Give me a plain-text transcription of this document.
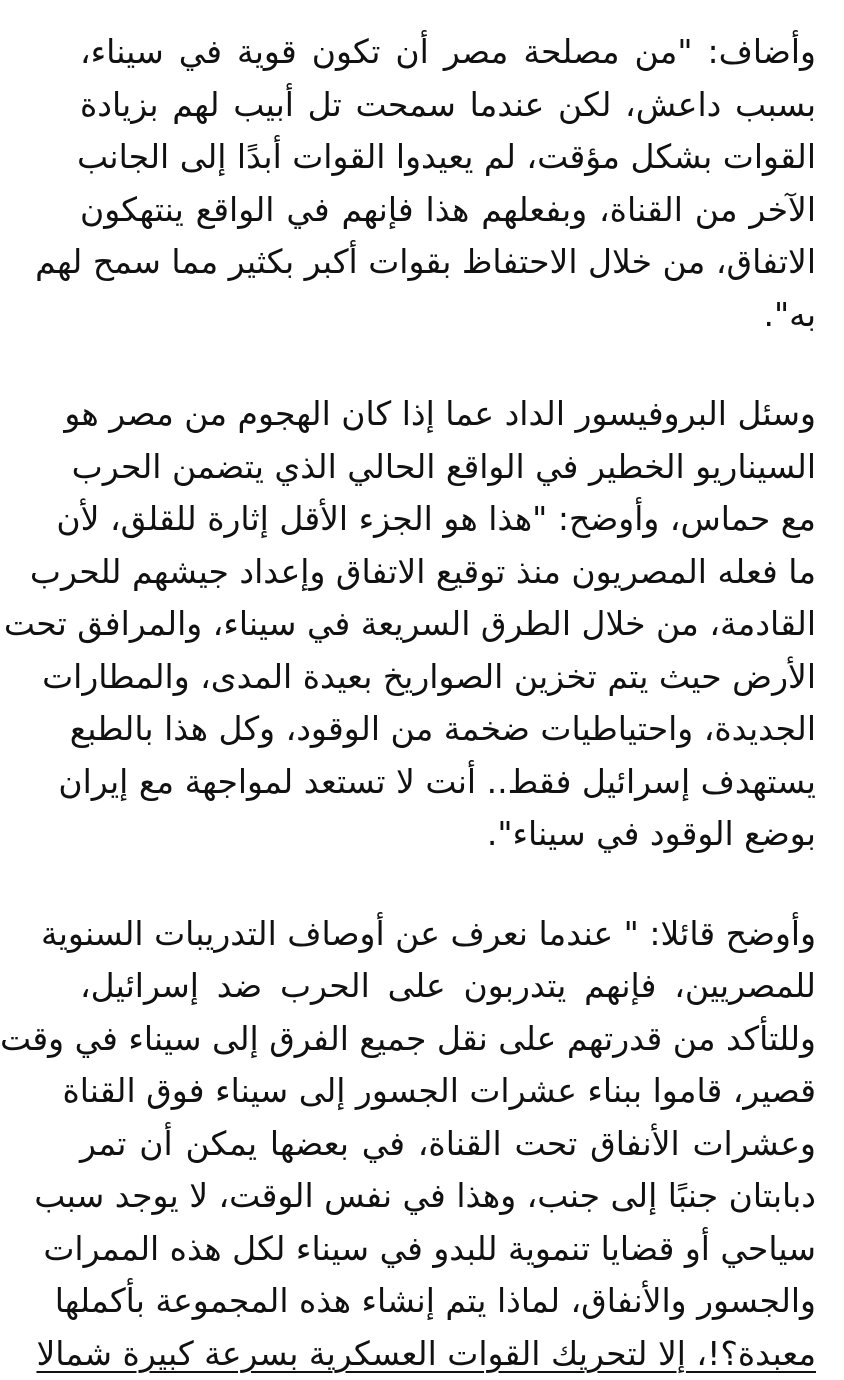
وأضاف: "من مصلحة مصر أن تكون قوية في سيناء،
بسبب داعش، لكن عندما سمحت تل أبيب لهم بزيادة
القوات بشكل مؤقت، لم يعيدوا القوات أبدًا إلى الجانب
الآخر من القناة، وبفعلهم هذا فإنهم في الواقع ينتهكون
الاتفاق، من خلال الاحتفاظ بقوات أكبر بكثير مما سمح لهم
به".
وسئل البروفيسور الداد عما إذا كان الهجوم من مصر هو
السيناريو الخطير في الواقع الحالي الذي يتضمن الحرب
مع حماس، وأوضح: "هذا هو الجزء الأقل إثارة للقلق، لأن
ما فعله المصريون منذ توقيع الاتفاق وإعداد جيشهم للحرب
القادمة، من خلال الطرق السريعة في سيناء، والمرافق تحت
الأرض حيث يتم تخزين الصواريخ بعيدة المدى، والمطارات
الجديدة، واحتياطيات ضخمة من الوقود، وكل هذا بالطبع
يستهدف إسرائيل فقط.. أنت لا تستعد لمواجهة مع إيران
بوضع الوقود في سيناء".
وأوضح قائلا: " عندما نعرف عن أوصاف التدريبات السنوية
للمصريين، فإنهم يتدربون على الحرب ضد إسرائيل،
وللتأكد من قدرتهم على نقل جميع الفرق إلى سيناء في وقت
قصير، قاموا ببناء عشرات الجسور إلى سيناء فوق القناة
وعشرات الأنفاق تحت القناة، في بعضها يمكن أن تمر
دبابتان جنبًا إلى جنب، وهذا في نفس الوقت، لا يوجد سبب
سياحي أو قضايا تنموية للبدو في سيناء لكل هذه الممرات
والجسور والأنفاق، لماذا يتم إنشاء هذه المجموعة بأكملها
معبدة؟!، إلا لتحريك القوات العسكرية بسرعة كبيرة شمالا
